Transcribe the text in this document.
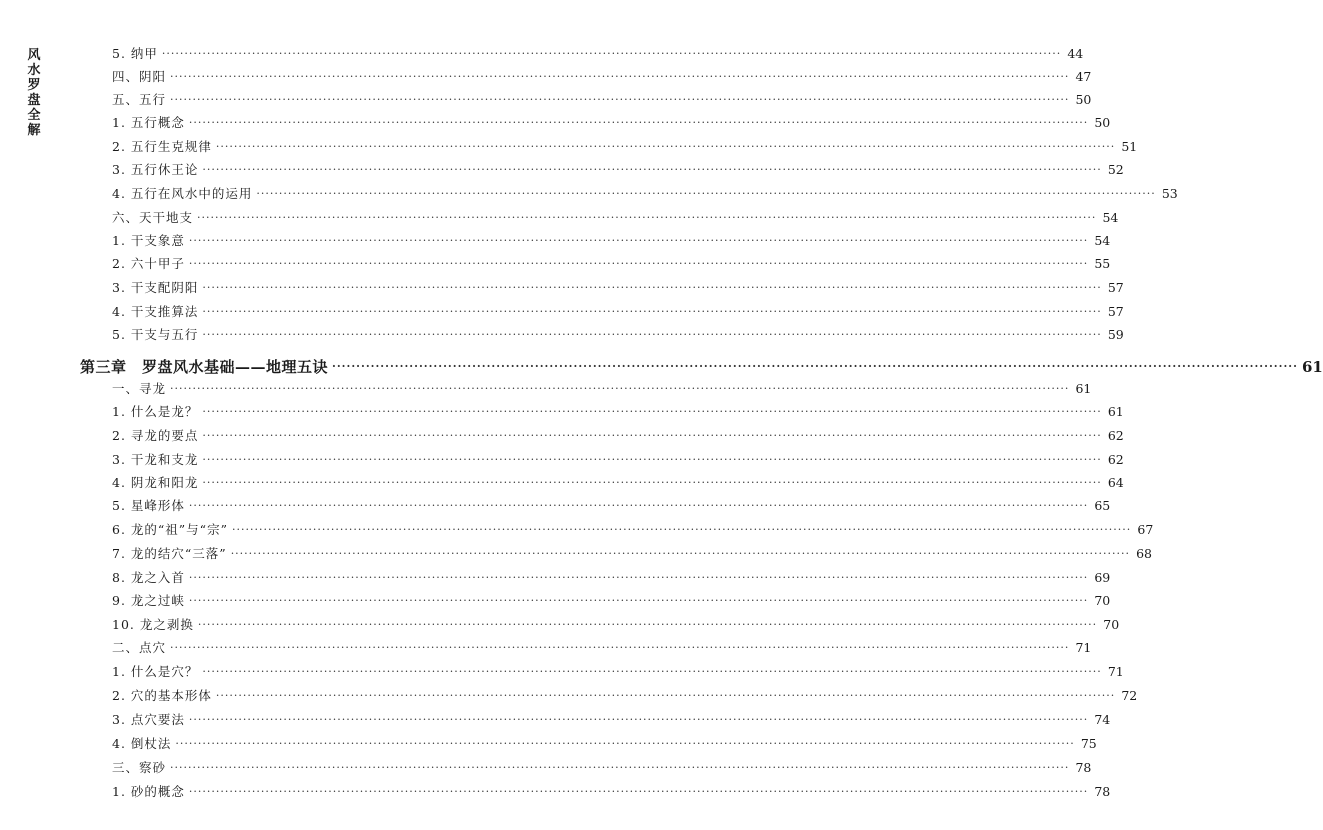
风水罗盘全解
5. 纳甲 ········································································································································································································ 44
四、阴阳 ········································································································································································································ 47
五、五行 ········································································································································································································ 50
1. 五行概念 ········································································································································································································ 50
2. 五行生克规律 ········································································································································································································ 51
3. 五行休王论 ········································································································································································································ 52
4. 五行在风水中的运用 ········································································································································································································ 53
六、天干地支 ········································································································································································································ 54
1. 干支象意 ········································································································································································································ 54
2. 六十甲子 ········································································································································································································ 55
3. 干支配阴阳 ········································································································································································································ 57
4. 干支推算法 ········································································································································································································ 57
5. 干支与五行 ········································································································································································································ 59
第三章　罗盘风水基础——地理五诀 ········································································································································································································ 61
一、寻龙 ········································································································································································································ 61
1. 什么是龙？ ········································································································································································································ 61
2. 寻龙的要点 ········································································································································································································ 62
3. 干龙和支龙 ········································································································································································································ 62
4. 阴龙和阳龙 ········································································································································································································ 64
5. 星峰形体 ········································································································································································································ 65
6. 龙的“祖”与“宗” ········································································································································································································ 67
7. 龙的结穴“三落” ········································································································································································································ 68
8. 龙之入首 ········································································································································································································ 69
9. 龙之过峡 ········································································································································································································ 70
10. 龙之剥换 ········································································································································································································ 70
二、点穴 ········································································································································································································ 71
1. 什么是穴？ ········································································································································································································ 71
2. 穴的基本形体 ········································································································································································································ 72
3. 点穴要法 ········································································································································································································ 74
4. 倒杖法 ········································································································································································································ 75
三、察砂 ········································································································································································································ 78
1. 砂的概念 ········································································································································································································ 78
